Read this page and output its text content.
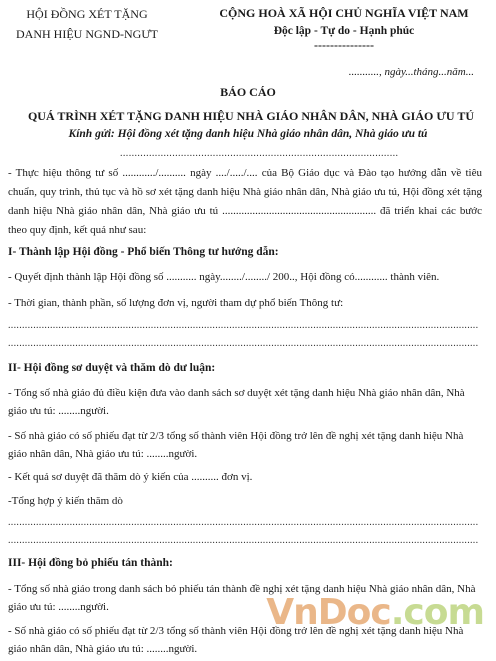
HỘI ĐỒNG XÉT TẶNG
DANH HIỆU NGND-NGƯT
CỘNG HOÀ XÃ HỘI CHỦ NGHĨA VIỆT NAM
Độc lập - Tự do - Hạnh phúc
---------------
..........., ngày...tháng...năm...
BÁO CÁO
QUÁ TRÌNH XÉT TẶNG DANH HIỆU NHÀ GIÁO NHÂN DÂN, NHÀ GIÁO ƯU TÚ
Kính gửi: Hội đồng xét tặng danh hiệu Nhà giáo nhân dân, Nhà giáo ưu tú
................................................................................................
- Thực hiệu thông tư số ............/.......... ngày ..../...../.... của Bộ Giáo dục và Đào tạo hướng dẫn về tiêu chuẩn, quy trình, thủ tục và hồ sơ xét tặng danh hiệu Nhà giáo nhân dân, Nhà giáo ưu tú, Hội đồng xét tặng danh hiệu Nhà giáo nhân dân, Nhà giáo ưu tú ........................................................ đã triển khai các bước theo quy định, kết quả như sau:
I- Thành lập Hội đồng - Phổ biến Thông tư hướng dẫn:
- Quyết định thành lập Hội đồng số ........... ngày......../......../ 200.., Hội đồng có............ thành viên.
- Thời gian, thành phần, số lượng đơn vị, người tham dự phổ biến Thông tư:
........................................................................................................................................................................
........................................................................................................................................................................
II- Hội đồng sơ duyệt và thăm dò dư luận:
- Tổng số nhà giáo đủ điều kiện đưa vào danh sách sơ duyệt xét tặng danh hiệu Nhà giáo nhân dân, Nhà giáo ưu tú: ........người.
- Số nhà giáo có số phiếu đạt từ 2/3 tổng số thành viên Hội đồng trở lên đề nghị xét tặng danh hiệu Nhà giáo nhân dân, Nhà giáo ưu tú: ........người.
- Kết quả sơ duyệt đã thăm dò ý kiến của .......... đơn vị.
-Tổng hợp ý kiến thăm dò
........................................................................................................................................................................
........................................................................................................................................................................
III- Hội đồng bỏ phiếu tán thành:
- Tổng số nhà giáo trong danh sách bỏ phiếu tán thành đề nghị xét tặng danh hiệu Nhà giáo nhân dân, Nhà giáo ưu tú: ........người.
- Số nhà giáo có số phiếu đạt từ 2/3 tổng số thành viên Hội đồng trở lên đề nghị xét tặng danh hiệu Nhà giáo nhân dân, Nhà giáo ưu tú: ........người.
VnDoc.com
